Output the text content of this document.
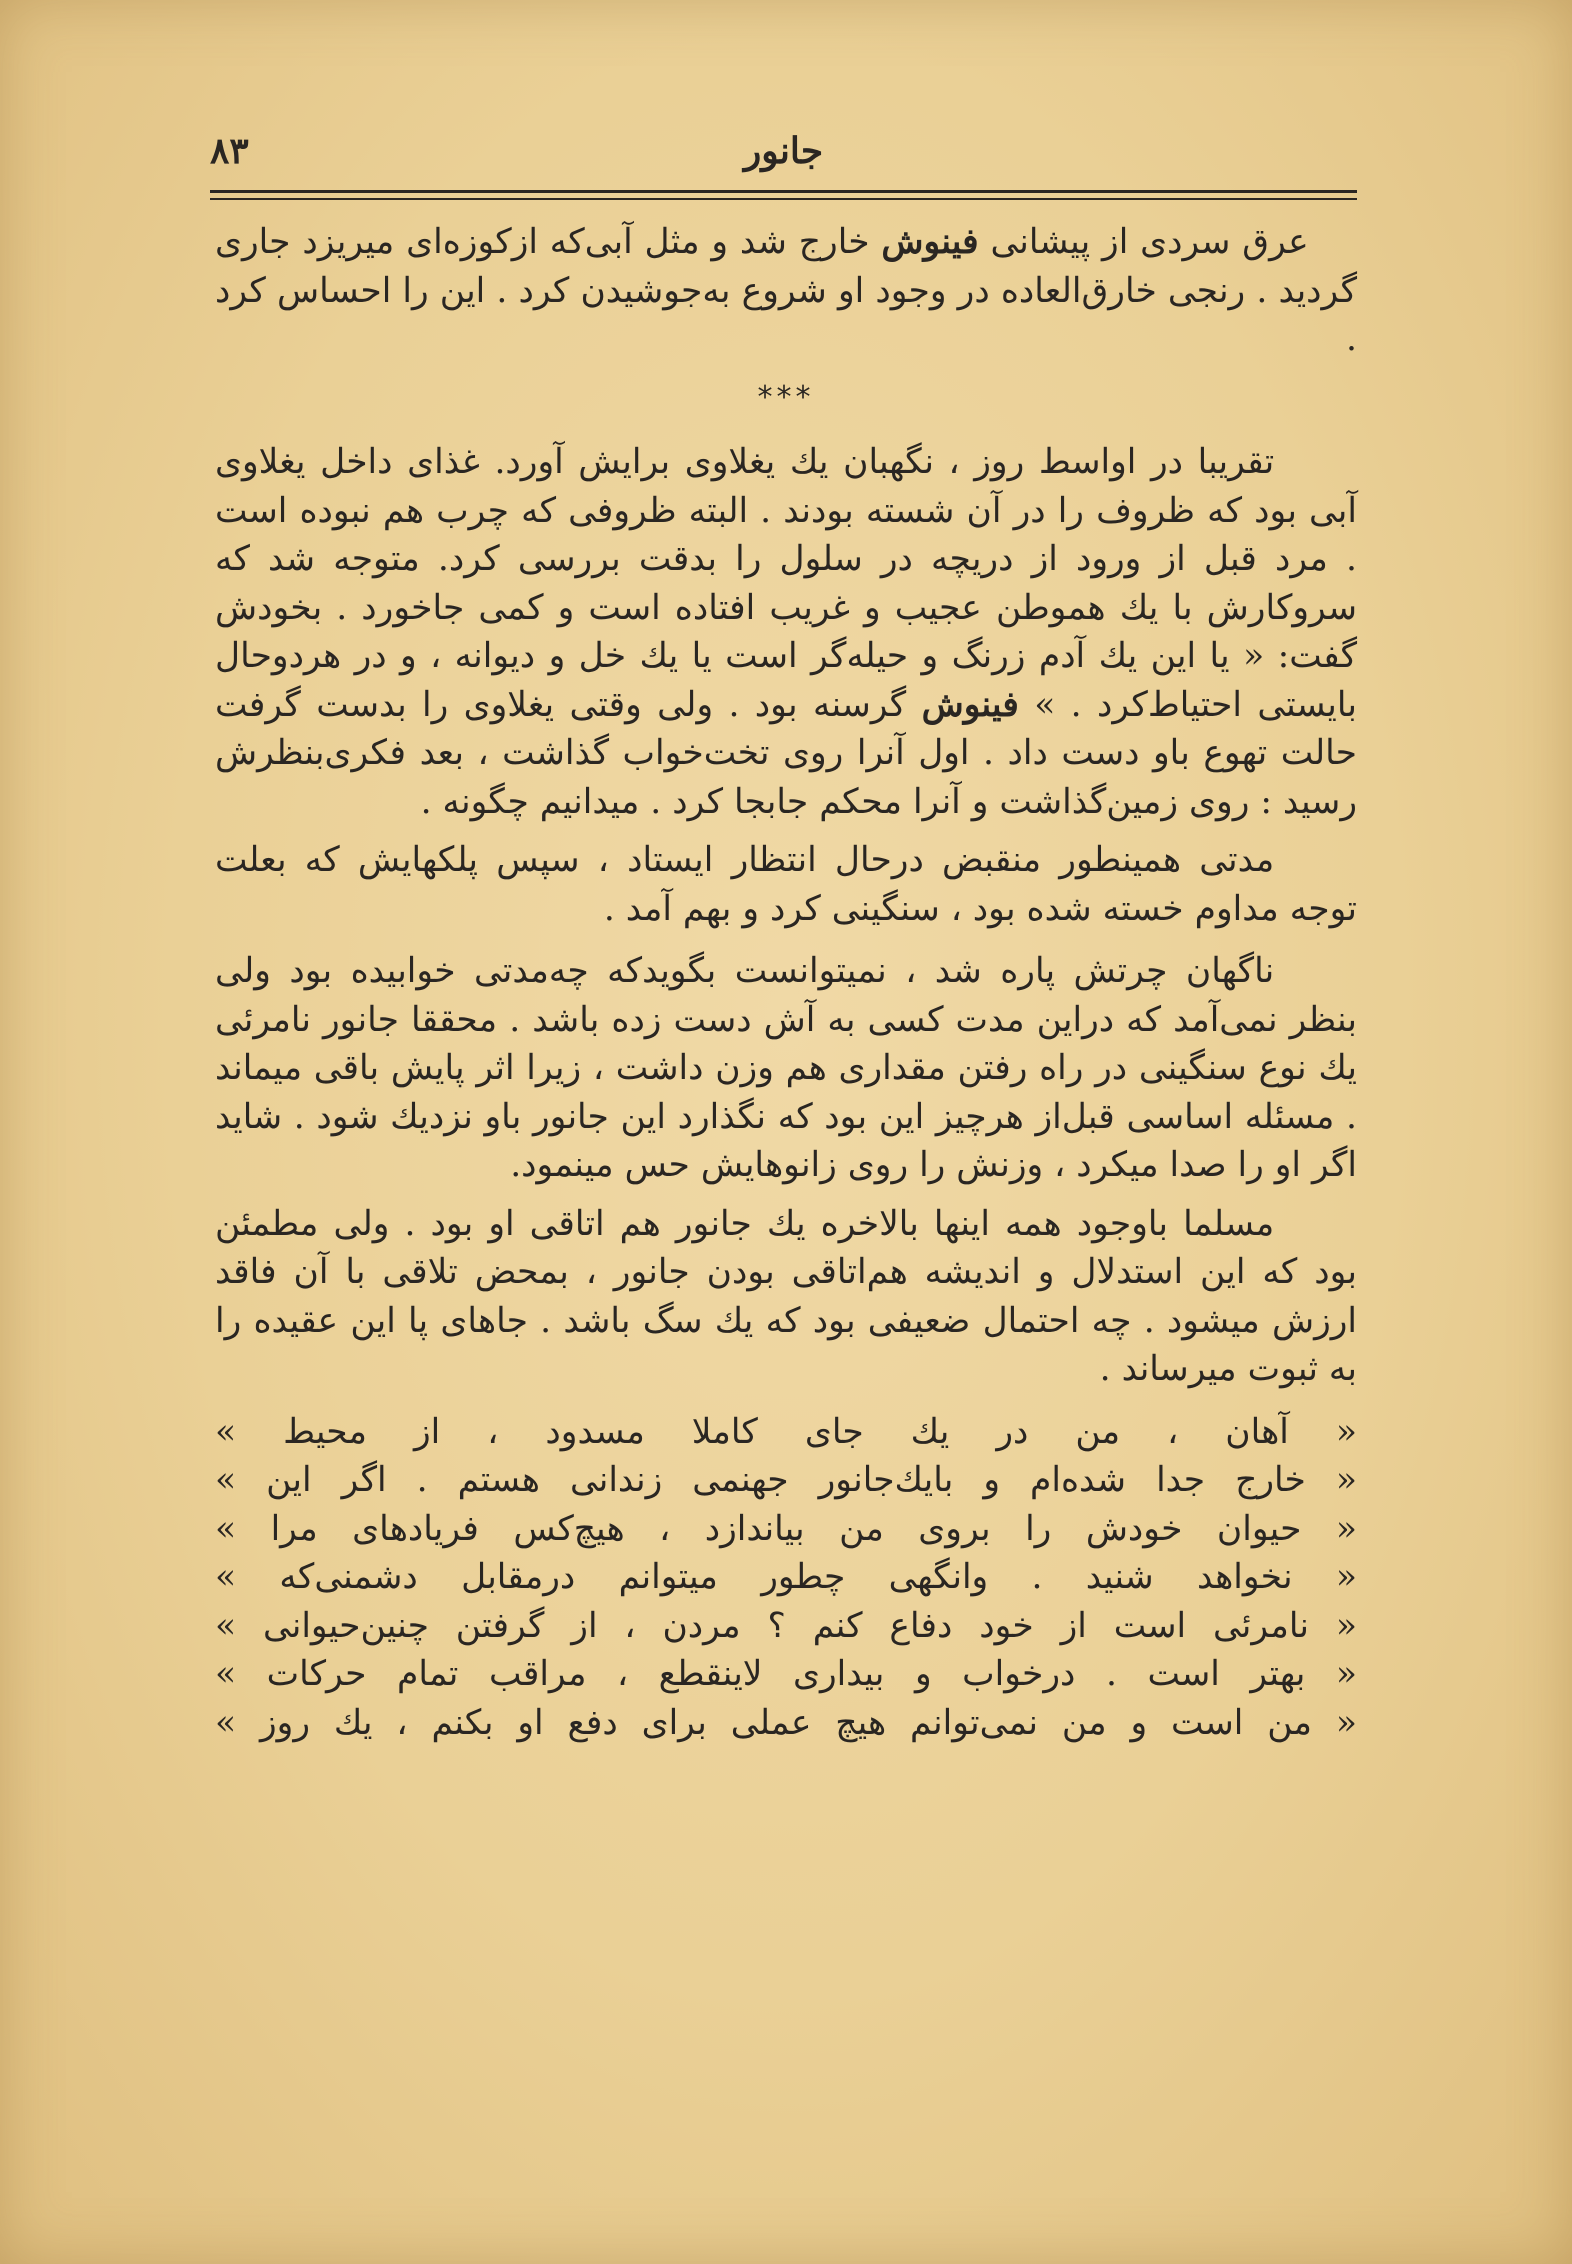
جانور
۸۳

عرق سردی از پیشانی فینوش خارج شد و مثل آبی‌که ازکوزه‌ای میریزد جاری گردید . رنجی خارق‌العاده در وجود او شروع به‌جوشیدن کرد . این را احساس کرد .

***

تقریبا در اواسط روز ، نگهبان یك یغلاوی برایش آورد. غذای داخل یغلاوی آبی بود که ظروف را در آن شسته بودند . البته ظروفی که چرب هم نبوده است . مرد قبل از ورود از دریچه در سلول را بدقت بررسی کرد. متوجه شد که سروکارش با یك هموطن عجیب و غریب افتاده است و کمی جاخورد . بخودش گفت: « یا این یك آدم زرنگ و حیله‌گر است یا یك خل و دیوانه ، و در هردوحال بایستی احتیاط‌کرد . » فینوش گرسنه بود . ولی وقتی یغلاوی را بدست گرفت حالت تهوع باو دست داد . اول آنرا روی تخت‌خواب گذاشت ، بعد فکری‌بنظرش رسید : روی زمین‌گذاشت و آنرا محکم جابجا کرد . میدانیم چگونه .

مدتی همینطور منقبض درحال انتظار ایستاد ، سپس پلکهایش که بعلت توجه مداوم خسته شده بود ، سنگینی کرد و بهم آمد .

ناگهان چرتش پاره شد ، نمیتوانست بگویدکه چه‌مدتی خوابیده بود ولی بنظر نمی‌آمد که دراین مدت کسی به آش دست زده باشد . محققا جانور نامرئی یك نوع سنگینی در راه رفتن مقداری هم وزن داشت ، زیرا اثر پایش باقی میماند . مسئله اساسی قبل‌از هرچیز این بود که نگذارد این جانور باو نزدیك شود . شاید اگر او را صدا میکرد ، وزنش را روی زانوهایش حس مینمود.

مسلما باوجود همه اینها بالاخره یك جانور هم اتاقی او بود . ولی مطمئن بود که این استدلال و اندیشه هم‌اتاقی بودن جانور ، بمحض تلاقی با آن فاقد ارزش میشود . چه احتمال ضعیفی بود که یك سگ باشد . جاهای پا این عقیده را به ثبوت میرساند .

« آهان ، من در یك جای کاملا مسدود ، از محیط »
« خارج جدا شده‌ام و بایك‌جانور جهنمی زندانی هستم . اگر این »
« حیوان خودش را بروی من بیاندازد ، هیچ‌کس فریادهای مرا »
« نخواهد شنید . وانگهی چطور میتوانم درمقابل دشمنی‌که »
« نامرئی است از خود دفاع کنم ؟ مردن ، از گرفتن چنین‌حیوانی »
« بهتر است . درخواب و بیداری لاینقطع ، مراقب تمام حرکات »
« من است و من نمی‌توانم هیچ عملی برای دفع او بکنم ، یك روز »
